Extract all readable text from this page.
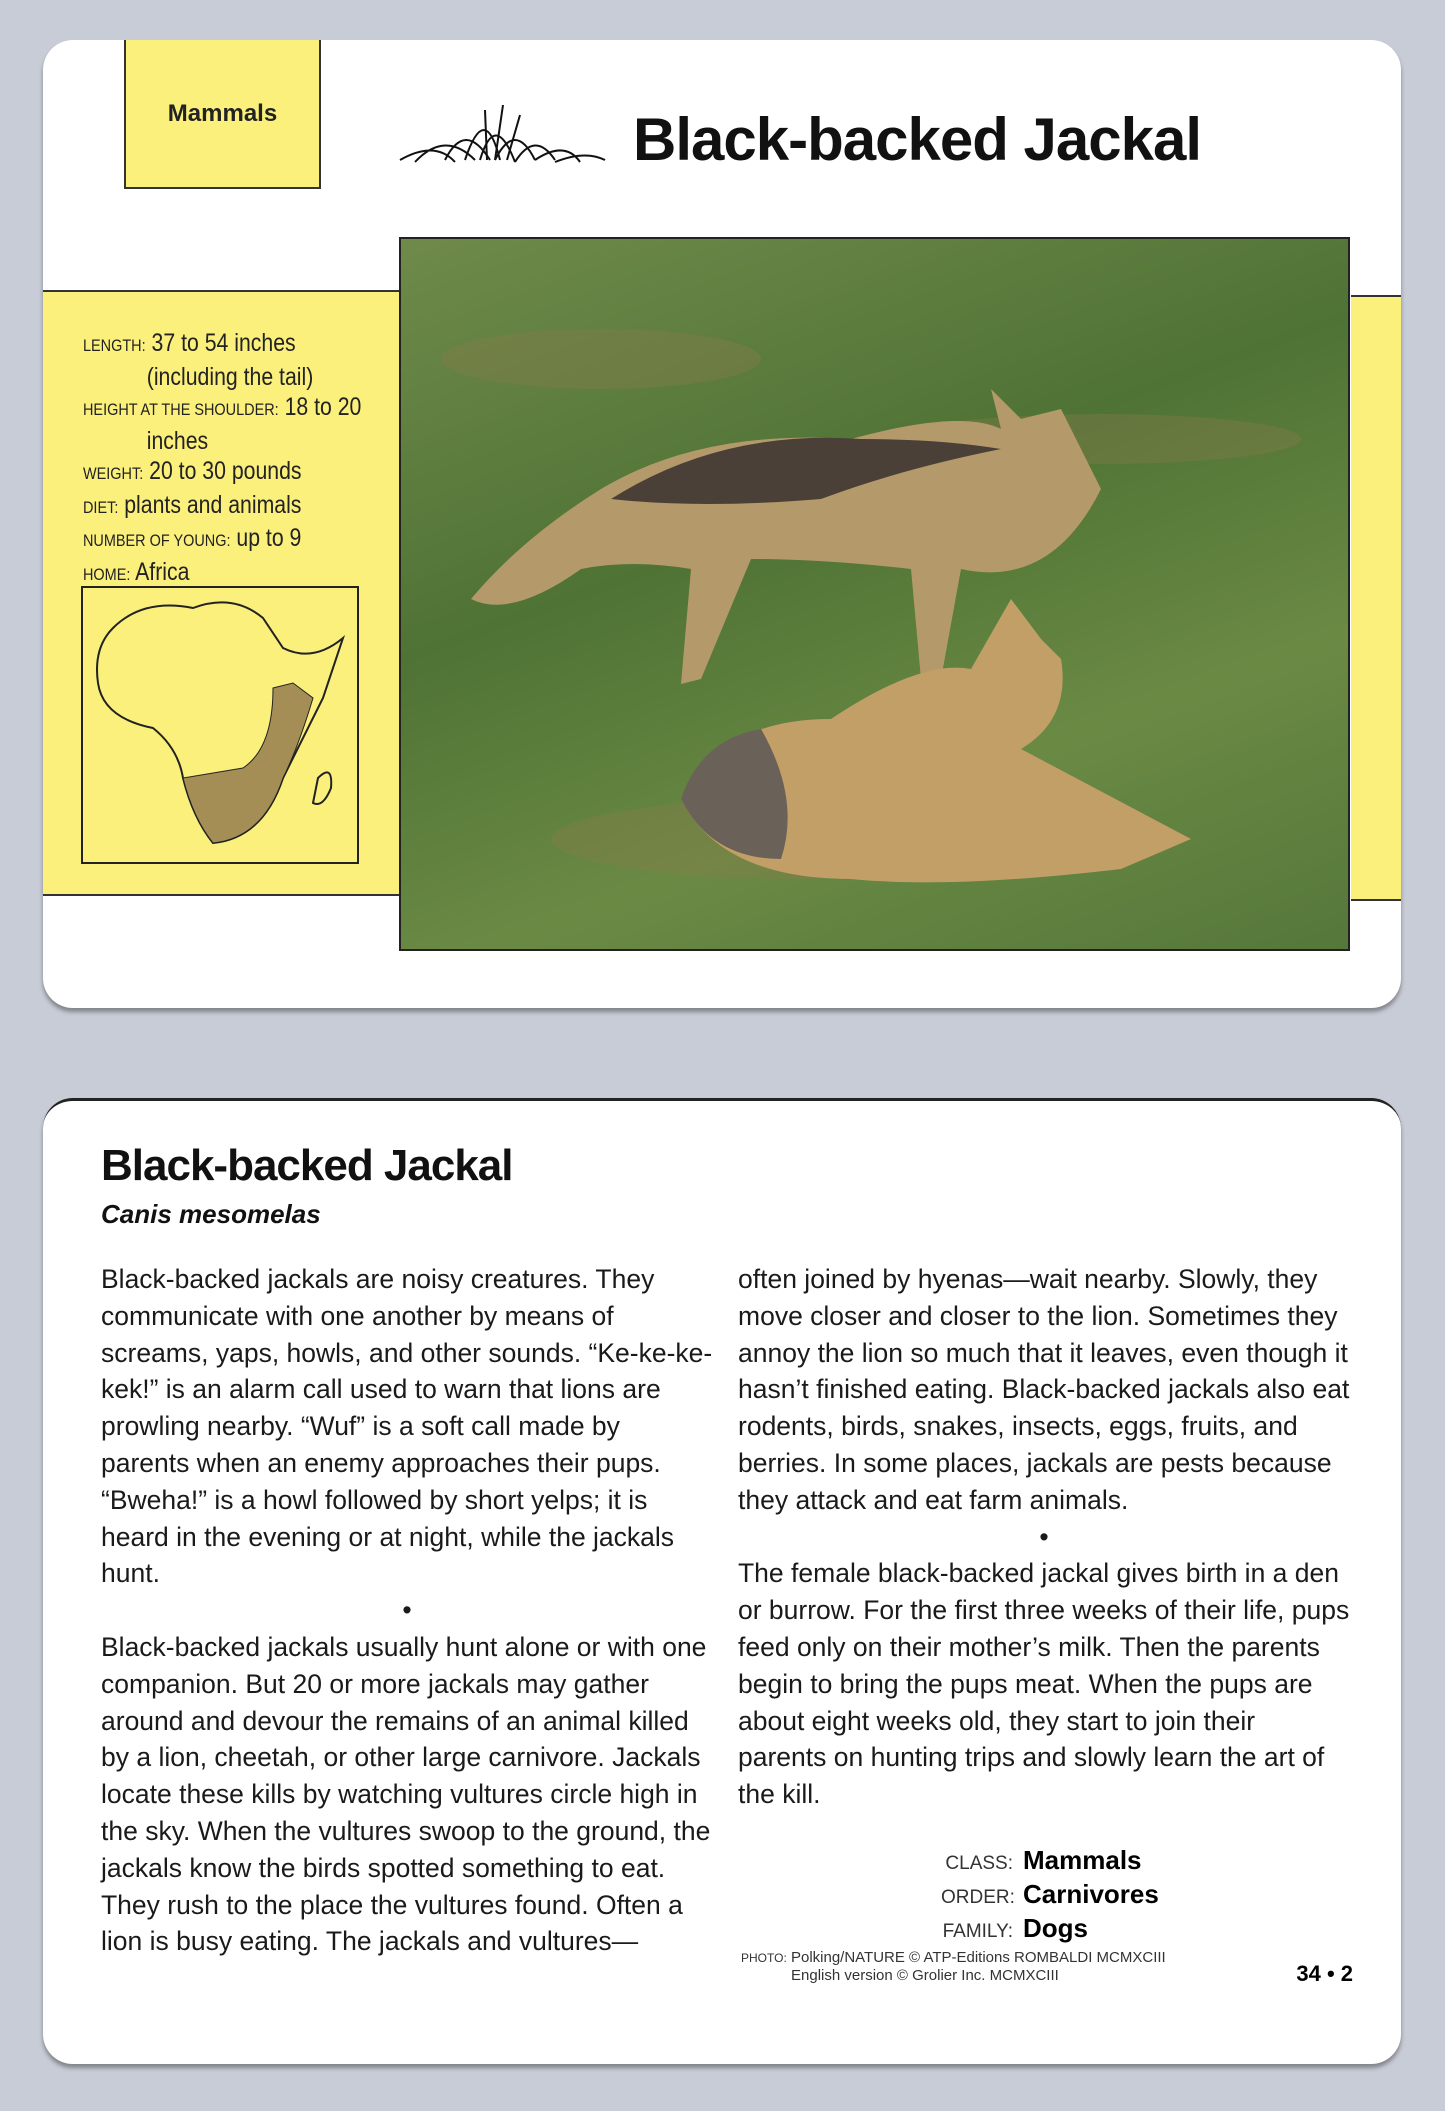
Mammals	Black-backed Jackal
LENGTH: 37 to 54 inches
(including the tail)
HEIGHT AT THE SHOULDER: 18 to 20
inches
WEIGHT: 20 to 30 pounds
DIET: plants and animals
NUMBER OF YOUNG: up to 9
HOME: Africa
Black-backed Jackal
Canis mesomelas

Black-backed jackals are noisy creatures. They communicate with one another by means of screams, yaps, howls, and other sounds. “Ke-ke-ke-kek!” is an alarm call used to warn that lions are prowling nearby. “Wuf” is a soft call made by parents when an enemy approaches their pups. “Bweha!” is a howl followed by short yelps; it is heard in the evening or at night, while the jackals hunt.

•

Black-backed jackals usually hunt alone or with one companion. But 20 or more jackals may gather around and devour the remains of an animal killed by a lion, cheetah, or other large carnivore. Jackals locate these kills by watching vultures circle high in the sky. When the vultures swoop to the ground, the jackals know the birds spotted something to eat. They rush to the place the vultures found. Often a lion is busy eating. The jackals and vultures—

often joined by hyenas—wait nearby. Slowly, they move closer and closer to the lion. Sometimes they annoy the lion so much that it leaves, even though it hasn’t finished eating. Black-backed jackals also eat rodents, birds, snakes, insects, eggs, fruits, and berries. In some places, jackals are pests because they attack and eat farm animals.

•

The female black-backed jackal gives birth in a den or burrow. For the first three weeks of their life, pups feed only on their mother’s milk. Then the parents begin to bring the pups meat. When the pups are about eight weeks old, they start to join their parents on hunting trips and slowly learn the art of the kill.

CLASS: Mammals
ORDER: Carnivores
FAMILY: Dogs
PHOTO: Polking/NATURE © ATP-Editions ROMBALDI MCMXCIII
English version © Grolier Inc. MCMXCIII	34 • 2
